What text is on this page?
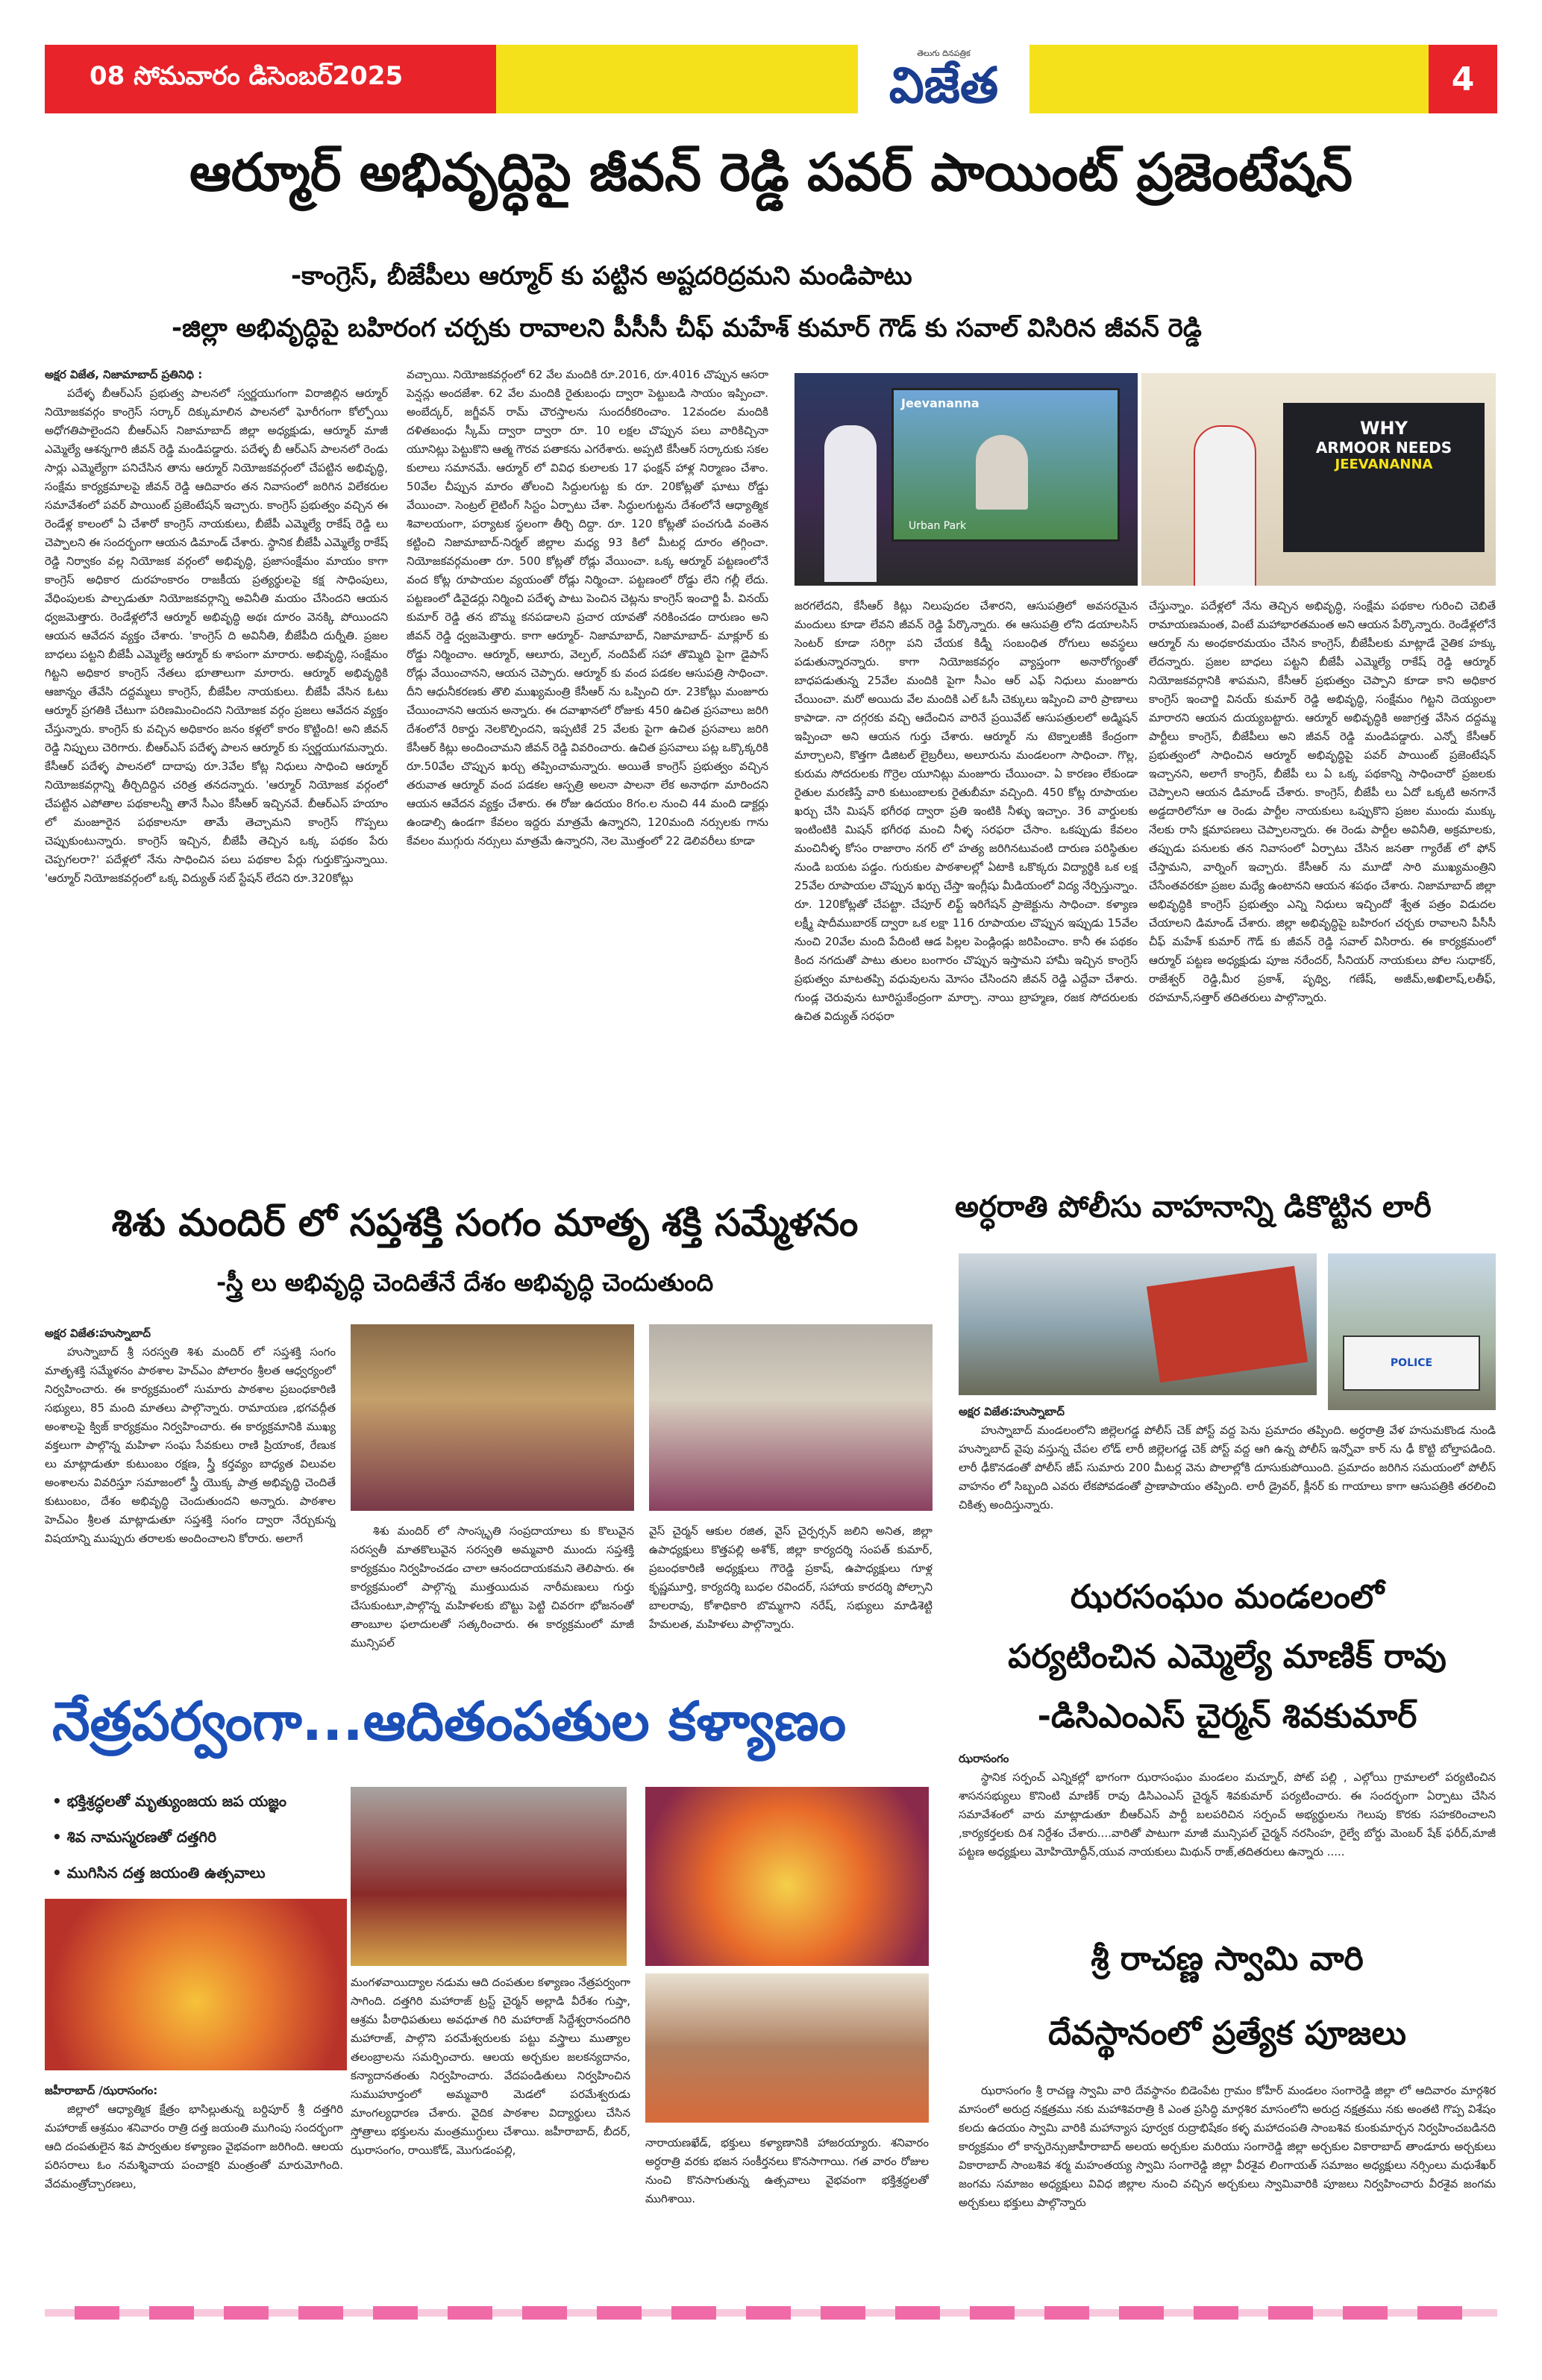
08 సోమవారం డిసెంబర్2025
తెలుగు దినపత్రిక
విజేత	4
ఆర్మూర్ అభివృద్ధిపై జీవన్ రెడ్డి పవర్ పాయింట్ ప్రజెంటేషన్
-కాంగ్రెస్, బీజేపీలు ఆర్మూర్ కు పట్టిన అష్టదరిద్రమని మండిపాటు
-జిల్లా అభివృద్ధిపై బహిరంగ చర్చకు రావాలని పీసీసీ చీఫ్ మహేశ్ కుమార్ గౌడ్ కు సవాల్ విసిరిన జీవన్ రెడ్డి
అక్షర విజేత, నిజామాబాద్ ప్రతినిధి :

పదేళ్ళ బీఆర్ఎస్ ప్రభుత్వ పాలనలో స్వర్ణయుగంగా విరాజిల్లిన ఆర్మూర్ నియోజకవర్గం కాంగ్రెస్ సర్కార్ దిక్కుమాలిన పాలనలో ఘోరీగంగా కోల్పోయి అధోగతిపాలైందని బీఆర్ఎస్ నిజామాబాద్ జిల్లా అధ్యక్షుడు, ఆర్మూర్ మాజీ ఎమ్మెల్యే ఆశన్నగారి జీవన్ రెడ్డి మండిపడ్డారు. పదేళ్ళ బీ ఆర్ఎస్ పాలనలో రెండు సార్లు ఎమ్మెల్యేగా పనిచేసిన తాను ఆర్మూర్ నియోజకవర్గంలో చేపట్టిన అభివృద్ధి, సంక్షేమ కార్యక్రమాలపై జీవన్ రెడ్డి ఆదివారం తన నివాసంలో జరిగిన విలేకరుల సమావేశంలో పవర్ పాయింట్ ప్రజెంటేషన్ ఇచ్చారు. కాంగ్రెస్ ప్రభుత్వం వచ్చిన ఈ రెండేళ్ల కాలంలో ఏ చేశారో కాంగ్రెస్ నాయకులు, బీజేపీ ఎమ్మెల్యే రాకేష్ రెడ్డి లు చెప్పాలని ఈ సందర్భంగా ఆయన డిమాండ్ చేశారు. స్థానిక బీజేపీ ఎమ్మెల్యే రాకేష్ రెడ్డి నిర్వాకం వల్ల నియోజక వర్గంలో అభివృద్ధి, ప్రజాసంక్షేమం మాయం కాగా కాంగ్రెస్ అధికార దురహంకారం రాజకీయ ప్రత్యర్థులపై కక్ష సాధింపులు, వేధింపులకు పాల్పడుతూ నియోజకవర్గాన్ని అవినీతి మయం చేసిందని ఆయన ధ్వజమెత్తారు. రెండేళ్లలోనే ఆర్మూర్ అభివృద్ధి అథః దూరం వెనక్కి పోయిందని ఆయన ఆవేదన వ్యక్తం చేశారు. 'కాంగ్రెస్ ది అవినీతి, బీజేపీది దుర్నీతి. ప్రజల బాధలు పట్టని బీజేపీ ఎమ్మెల్యే ఆర్మూర్ కు శాపంగా మారారు. అభివృద్ధి, సంక్షేమం గిట్టని అధికార కాంగ్రెస్ నేతలు భూతాలుగా మారారు. ఆర్మూర్ అభివృద్ధికి ఆజాన్నం తేవేసి దద్దమ్మలు కాంగ్రెస్, బీజేపీల నాయకులు. బీజేపీ వేసిన ఓటు ఆర్మూర్ ప్రగతికి చేటుగా పరిణమించిందని నియోజక వర్గం ప్రజలు ఆవేదన వ్యక్తం చేస్తున్నారు. కాంగ్రెస్ కు వచ్చిన అధికారం జనం కళ్లలో కారం కొట్టింది! అని జీవన్ రెడ్డి నిప్పులు చెరిగారు. బీఆర్ఎస్ పదేళ్ళ పాలన ఆర్మూర్ కు స్వర్ణయుగమన్నారు. కేసీఆర్ పదేళ్ళ పాలనలో దాదాపు రూ.3వేల కోట్ల నిధులు సాధించి ఆర్మూర్ నియోజకవర్గాన్ని తీర్చిదిద్దిన చరిత్ర తనదన్నారు. 'ఆర్మూర్ నియోజక వర్గంలో చేపట్టిన ఎపోతాల పథకాలన్నీ తానే సీఎం కేసీఆర్ ఇచ్చినవే. బీఆర్ఎస్ హయాం లో మంజూరైన పథకాలనూ తామే తెచ్చామని కాంగ్రెస్ గొప్పలు చెప్పుకుంటున్నారు. కాంగ్రెస్ ఇచ్చిన, బీజేపీ తెచ్చిన ఒక్క పథకం పేరు చెప్పగలరా?' పదేళ్లలో నేను సాధించిన పలు పథకాల పేర్లు గుర్తుకొస్తున్నాయి. 'ఆర్మూర్ నియోజకవర్గంలో ఒక్క విద్యుత్ సబ్ స్టేషన్ లేదని రూ.320కోట్లు

వచ్చాయి. నియోజకవర్గంలో 62 వేల మందికి రూ.2016, రూ.4016 చొప్పున ఆసరా పెన్షన్లు అందజేశా. 62 వేల మందికి రైతుబంధు ద్వారా పెట్టుబడి సాయం ఇప్పించా. అంబేద్కర్, జగ్జీవన్ రామ్ చౌరస్తాలను సుందరీకరించాం. 12వందల మందికి దళితబంధు స్కీమ్ ద్వారా ద్వారా రూ. 10 లక్షల చొప్పున పలు వారికిచ్చినా యూనిట్లు పెట్టుకొని ఆత్మ గౌరవ పతాకను ఎగరేశారు. అప్పటి కేసీఆర్ సర్కారుకు సకల కులాలు సమానమే. ఆర్మూర్ లో వివిధ కులాలకు 17 ఫంక్షన్ హాళ్ల నిర్మాణం చేశాం. 50వేల చీప్పున మారం తోలంచి సిద్దులగుట్ట కు రూ. 20కోట్లతో ఘాటు రోడ్డు వేయించా. సెంట్రల్ లైటింగ్ సిస్టం ఏర్పాటు చేశా. సిద్ధులగుట్టను దేశంలోనే ఆధ్యాత్మిక శివాలయంగా, పర్యాటక స్థలంగా తీర్చి దిద్దా. రూ. 120 కోట్లతో పంచగుడి వంతెన కట్టించి నిజామాబాద్-నిర్మల్ జిల్లాల మధ్య 93 కిలో మీటర్ల దూరం తగ్గించా. నియోజకవర్గమంతా రూ. 500 కోట్లతో రోడ్లు వేయించా. ఒక్క ఆర్మూర్ పట్టణంలోనే వంద కోట్ల రూపాయల వ్యయంతో రోడ్లు నిర్మించా. పట్టణంలో రోడ్డు లేని గల్లీ లేదు. పట్టణంలో డివైడర్లు నిర్మించి పదేళ్ళ పాటు పెంచిన చెట్లను కాంగ్రెస్ ఇంచార్జి పీ. వినయ్ కుమార్ రెడ్డి తన బొమ్మ కనపడాలని ప్రచార యావతో నరికించడం దారుణం అని జీవన్ రెడ్డి ధ్వజమెత్తారు. కాగా ఆర్మూర్- నిజామాబాద్, నిజామాబాద్- మాక్లూర్ కు రోడ్డు నిర్మించాం. ఆర్మూర్, ఆలూరు, వెల్పల్, నందిపేట్ సహా తొమ్మిది పైగా డైపాస్ రోడ్లు వేయించానని, ఆయన చెప్పారు. ఆర్మూర్ కు వంద పడకల ఆసుపత్రి సాధించా. దీని ఆధునీకరణకు తొలి ముఖ్యమంత్రి కేసీఆర్ ను ఒప్పించి రూ. 23కోట్లు మంజూరు చేయించానని ఆయన అన్నారు. ఈ దవాఖానలో రోజుకు 450 ఉచిత ప్రసవాలు జరిగి దేశంలోనే రికార్డు నెలకొల్పిందని, ఇప్పటికే 25 వేలకు పైగా ఉచిత ప్రసవాలు జరిగి కేసీఆర్ కిట్లు అందించామని జీవన్ రెడ్డి వివరించారు. ఉచిత ప్రసవాలు పట్ల ఒక్కొక్కరికి రూ.50వేల చొప్పున ఖర్చు తప్పించామన్నారు. అయితే కాంగ్రెస్ ప్రభుత్వం వచ్చిన తరువాత ఆర్మూర్ వంద పడకల ఆస్పత్రి అలనా పాలనా లేక అనాథగా మారిందని ఆయన ఆవేదన వ్యక్తం చేశారు. ఈ రోజు ఉదయం 8గం.ల నుంచి 44 మంది డాక్టర్లు ఉండాల్సి ఉండగా కేవలం ఇద్దరు మాత్రమే ఉన్నారని, 120మంది నర్సులకు గాను కేవలం ముగ్గురు నర్సులు మాత్రమే ఉన్నారని, నెల మొత్తంలో 22 డెలివరీలు కూడా

Jeevananna
Urban Park
WHY
ARMOOR NEEDS
JEEVANANNA

జరగలేదని, కేసీఆర్ కిట్లు నిలుపుదల చేశారని, ఆసుపత్రిలో అవసరమైన మందులు కూడా లేవని జీవన్ రెడ్డి పేర్కొన్నారు. ఈ ఆసుపత్రి లోని డయాలసిస్ సెంటర్ కూడా సరిగ్గా పని చేయక కిడ్నీ సంబంధిత రోగులు అవస్థలు పడుతున్నారన్నారు. కాగా నియోజకవర్గం వ్యాప్తంగా అనారోగ్యంతో బాధపడుతున్న 25వేల మందికి పైగా సీఎం ఆర్ ఎఫ్ నిధులు మంజూరు చేయించా. మరో అయిదు వేల మందికి ఎల్ ఓసీ చెక్కులు ఇప్పించి వారి ప్రాణాలు కాపాడా. నా దగ్గరకు వచ్చి ఆదేంచిన వారినే ప్రయివేట్ ఆసుపత్రులలో అడ్మిషన్ ఇప్పించా అని ఆయన గుర్తు చేశారు. ఆర్మూర్ ను టెక్నాలజీకి కేంద్రంగా మార్చాలని, కొత్తగా డిజిటల్ లైబ్రరీలు, అలూరును మండలంగా సాధించా. గొల్ల, కురుమ సోదరులకు గొర్రెల యూనిట్లు మంజూరు చేయించా. ఏ కారణం లేకుండా రైతుల మరణిస్తే వారి కుటుంబాలకు రైతుబీమా వచ్చింది. 450 కోట్ల రూపాయల ఖర్చు చేసి మిషన్ భగీరథ ద్వారా ప్రతి ఇంటికి నీళ్ళు ఇచ్చాం. 36 వార్డులకు ఇంటింటికి మిషన్ భగీరథ మంచి నీళ్ళ సరఫరా చేసాం. ఒకప్పుడు కేవలం మంచినీళ్ళ కోసం రాజారాం నగర్ లో హత్య జరిగినటువంటి దారుణ పరిస్థితుల నుండి బయట పడ్డం. గురుకుల పాఠశాలల్లో ఏటాకి ఒకొక్కరు విద్యార్థికి ఒక లక్ష 25వేల రూపాయల చొప్పున ఖర్చు చేస్తా ఇంగ్లీషు మీడియంలో విద్య నేర్పిస్తున్నాం. రూ. 120కోట్లతో చేపట్టా. చేపూర్ లిఫ్ట్ ఇరిగేషన్ ప్రాజెక్టును సాధించా. కళ్యాణ లక్ష్మీ షాదీముబారక్ ద్వారా ఒక లక్షా 116 రూపాయల చొప్పున ఇప్పుడు 15వేల నుంచి 20వేల మంది పేదింటి ఆడ పిల్లల పెండ్లిండ్లు జరిపించాం. కానీ ఈ పథకం కింద నగదుతో పాటు తులం బంగారం చొప్పున ఇస్తామని హామీ ఇచ్చిన కాంగ్రెస్ ప్రభుత్వం మాటతప్పి వధువులను మోసం చేసిందని జీవన్ రెడ్డి ఎద్దేవా చేశారు. గుండ్ల చెరువును టూరిస్టుకేంద్రంగా మార్చా. నాయి బ్రాహ్మణ, రజక సోదరులకు ఉచిత విద్యుత్ సరఫరా

చేస్తున్నాం. పదేళ్లలో నేను తెచ్చిన అభివృద్ధి, సంక్షేమ పథకాల గురించి చెబితే రామాయణమంత, వింటే మహాభారతమంత అని ఆయన పేర్కొన్నారు. రెండేళ్లలోనే ఆర్మూర్ ను అంధకారమయం చేసిన కాంగ్రెస్, బీజేపీలకు మాట్లాడే నైతిక హక్కు లేదన్నారు. ప్రజల బాధలు పట్టని బీజేపీ ఎమ్మెల్యే రాకేష్ రెడ్డి ఆర్మూర్ నియోజకవర్గానికి శాపమని, కేసీఆర్ ప్రభుత్వం చెప్పాని కూడా కాని అధికార కాంగ్రెస్ ఇంచార్జి వినయ్ కుమార్ రెడ్డి అభివృద్ధి, సంక్షేమం గిట్టని దెయ్యంలా మారారని ఆయన దుయ్యబట్టారు. ఆర్మూర్ అభివృద్ధికి అజాగ్రత్త వేసిన దద్దమ్మ పార్టీలు కాంగ్రెస్, బీజేపీలు అని జీవన్ రెడ్డి మండిపడ్డారు. ఎన్నో కేసీఆర్ ప్రభుత్వంలో సాధించిన ఆర్మూర్ అభివృద్ధిపై పవర్ పాయింట్ ప్రజెంటేషన్ ఇచ్చానని, అలాగే కాంగ్రెస్, బీజేపీ లు ఏ ఒక్క పథకాన్ని సాధించారో ప్రజలకు చెప్పాలని ఆయన డిమాండ్ చేశారు. కాంగ్రెస్, బీజేపీ లు ఏదో ఒక్కటి అనగానే అడ్డదారిలోనూ ఆ రెండు పార్టీల నాయకులు ఒప్పుకొని ప్రజల ముందు ముక్కు నేలకు రాసి క్షమాపణలు చెప్పాలన్నారు. ఈ రెండు పార్టీల అవినీతి, అక్రమాలకు, తప్పుడు పనులకు తన నివాసంలో ఏర్పాటు చేసిన జనతా గ్యారేజ్ లో ఫోన్ చేస్తామని, వార్నింగ్ ఇచ్చారు. కేసీఆర్ ను మూడో సారి ముఖ్యమంత్రిని చేసేంతవరకూ ప్రజల మధ్యే ఉంటానని ఆయన శపథం చేశారు. నిజామాబాద్ జిల్లా అభివృద్ధికి కాంగ్రెస్ ప్రభుత్వం ఎన్ని నిధులు ఇచ్చిందో శ్వేత పత్రం విడుదల చేయాలని డిమాండ్ చేశారు. జిల్లా అభివృద్ధిపై బహిరంగ చర్చకు రావాలని పీసీసీ చీఫ్ మహేశ్ కుమార్ గౌడ్ కు జీవన్ రెడ్డి సవాల్ విసిరారు. ఈ కార్యక్రమంలో ఆర్మూర్ పట్టణ అధ్యక్షుడు పూజ నరేందర్, సీనియర్ నాయకులు పోల సుధాకర్, రాజేశ్వర్ రెడ్డి,మీర ప్రకాశ్, పృథ్వి, గణేష్, అజీమ్,అఖిలాష్,లతీఫ్, రహమాన్,సత్తార్ తదితరులు పాల్గొన్నారు.

శిశు మందిర్ లో సప్తశక్తి సంగం మాతృ శక్తి సమ్మేళనం
-స్త్రీ లు అభివృద్ధి చెందితేనే దేశం అభివృద్ధి చెందుతుంది
అక్షర విజేత:హుస్నాబాద్

హుస్నాబాద్ శ్రీ సరస్వతి శిశు మందిర్ లో సప్తశక్తి సంగం మాతృశక్తి సమ్మేళనం పాఠశాల హెచ్ఎం పోలారం శ్రీలత ఆధ్వర్యంలో నిర్వహించారు. ఈ కార్యక్రమంలో సుమారు పాఠశాల ప్రబంధకారిణి సభ్యులు, 85 మంది మాతలు పాల్గొన్నారు. రామాయణ ,భగవద్గీత అంశాలపై క్విజ్ కార్యక్రమం నిర్వహించారు. ఈ కార్యక్రమానికి ముఖ్య వక్తలుగా పాల్గొన్న మహిళా సంఘ సేవకులు రాణి ప్రియాంక, రేణుక లు మాట్లాడుతూ కుటుంబం రక్షణ, స్త్రీ కర్తవ్యం బాధ్యత విలువల అంశాలను వివరిస్తూ సమాజంలో స్త్రీ యొక్క పాత్ర అభివృద్ధి చెందితే కుటుంబం, దేశం అభివృద్ధి చెందుతుందని అన్నారు. పాఠశాల హెచ్ఎం శ్రీలత మాట్లాడుతూ సప్తశక్తి సంగం ద్వారా నేర్చుకున్న విషయాన్ని ముప్పురు తరాలకు అందించాలని కోరారు. అలాగే

శిశు మందిర్ లో సాంస్కృతి సంప్రదాయాలు కు కొలువైన సరస్వతీ మాతకొలువైన సరస్వతి అమ్మవారి ముందు సప్తశక్తి కార్యక్రమం నిర్వహించడం చాలా ఆనందదాయకమని తెలిపారు. ఈ కార్యక్రమంలో పాల్గొన్న ముత్తయిదువ నారీమణులు గుర్తు చేసుకుంటూ,పాల్గొన్న మహిళలకు బొట్టు పెట్టి చివరగా భోజనంతో తాంబూల ఫలాదులతో సత్కరించారు. ఈ కార్యక్రమంలో మాజీ మున్సిపల్

వైస్ చైర్మన్ ఆకుల రజిత, వైస్ చైర్పర్సన్ జలిని అనిత, జిల్లా ఉపాధ్యక్షులు కొత్తపల్లి అశోక్, జిల్లా కార్యదర్శి సంపత్ కుమార్, ప్రబంధకారిణి అధ్యక్షులు గౌరెడ్డి ప్రకాష్, ఉపాధ్యక్షులు గూళ్ల కృష్ణమూర్తి, కార్యదర్శి బుధల రవిందర్, సహాయ కారదర్శి పోల్సాని బాలరావు, కోశాధికారి బొమ్మగాని నరేష్, సభ్యులు మాడిశెట్టి హేమలత, మహిళలు పాల్గొన్నారు.

అర్ధరాతి పోలీసు వాహనాన్ని డికొట్టిన లారీ
POLICE
అక్షర విజేత:హుస్నాబాద్

హుస్నాబాద్ మండలంలోని జిల్లెలగడ్డ పోలీస్ చెక్ పోస్ట్ వద్ద పెను ప్రమాదం తప్పింది. అర్ధరాత్రి వేళ హనుమకొండ నుండి హుస్నాబాద్ వైపు వస్తున్న చేపల లోడ్ లారీ జిల్లెలగడ్డ చెక్ పోస్ట్ వద్ద ఆగి ఉన్న పోలీస్ ఇన్నోవా కార్ ను ఢీ కొట్టి బోల్తాపడింది. లారీ ఢీకొనడంతో పోలీస్ జీప్ సుమారు 200 మీటర్ల వెను పొలాల్లోకి దూసుకుపోయింది. ప్రమాదం జరిగిన సమయంలో పోలీస్ వాహనం లో సిబ్బంది ఎవరు లేకపోవడంతో ప్రాణాపాయం తప్పింది. లారీ డ్రైవర్, క్లీనర్ కు గాయాలు కాగా ఆసుపత్రికి తరలించి చికిత్స అందిస్తున్నారు.

ఝరసంఘం మండలంలో
పర్యటించిన ఎమ్మెల్యే మాణిక్ రావు
-డిసిఎంఎస్ చైర్మన్ శివకుమార్
ఝరాసంగం

స్థానిక సర్పంచ్ ఎన్నికల్లో భాగంగా ఝరాసంఘం మండలం మచ్నూర్, పోట్ పల్లి , ఎల్గోయి గ్రామాలలో పర్యటించిన శాసనసభ్యులు కొనింటి మాణిక్ రావు డిసిఎంఎస్ చైర్మన్ శివకుమార్ పర్యటించారు. ఈ సందర్భంగా ఏర్పాటు చేసిన సమావేశంలో వారు మాట్లాడుతూ బీఆర్ఎస్ పార్టీ బలపరిచిన సర్పంచ్ అభ్యర్థులను గెలుపు కొరకు సహకరించాలని ,కార్యకర్తలకు దిశ నిర్దేశం చేశారు....వారితో పాటుగా మాజీ మున్సిపల్ చైర్మన్ నరసింహ, రైల్వే బోర్డు మెంబర్ షేక్ ఫరీద్,మాజీ పట్టణ అధ్యక్షులు మోహియోద్దీన్,యువ నాయకులు మిథున్ రాజ్,తదితరులు ఉన్నారు .....

శ్రీ రాచణ్ణ స్వామి వారి
దేవస్థానంలో ప్రత్యేక పూజలు

ఝరాసంగం శ్రీ రాచణ్ణ స్వామి వారి దేవస్థానం బిడెంపేట గ్రామం కోహీర్ మండలం సంగారెడ్డి జిల్లా లో ఆదివారం మార్గశిర మాసంలో అరుద్ర నక్షత్రము నకు మహాశివరాత్రి కి ఎంత ప్రసిద్ధి మార్గశిర మాసంలోని అరుద్ర నక్షత్రము నకు అంతటి గొప్ప విశేషం కలదు ఉదయం స్వామి వారికి మహాన్యాస పూర్వక రుద్రాభిషేకం కళ్ళ మహాదంపతి సాంబశివ కుంకుమార్చన నిర్వహించబడినది కార్యక్రమం లో కాన్ఫరెన్సుజాహీరాబాద్ అలయ అర్చకుల మరియు సంగారెడ్డి జిల్లా అర్చకుల వికారాబాద్ తాండూరు అర్చకులు వికారాబాద్ సాంబశివ శర్మ మహంతయ్య స్వామి సంగారెడ్డి జిల్లా వీరశైవ లింగాయత్ సమాజం అధ్యక్షులు నర్సింలు మధుశేఖర్ జంగమ సమాజం అధ్యక్షులు వివిధ జిల్లాల నుంచి వచ్చిన అర్చకులు స్వామివారికి పూజలు నిర్వహించారు వీరశైవ జంగమ అర్చకులు భక్తులు పాల్గొన్నారు

నేత్రపర్వంగా...ఆదితంపతుల కళ్యాణం
• భక్తిశ్రద్ధలతో మృత్యుంజయ జప యజ్ఞం
• శివ నామస్మరణతో దత్తగిరి
• ముగిసిన దత్త జయంతి ఉత్సవాలు
జహీరాబాద్ /ఝరాసంగం:

జిల్లాలో ఆధ్యాత్మిక క్షేత్రం భాసిల్లుతున్న బర్దిపూర్ శ్రీ దత్తగిరి మహారాజ్ ఆశ్రమం శనివారం రాత్రి దత్త జయంతి ముగింపు సందర్భంగా ఆది దంపతులైన శివ పార్వతుల కళ్యాణం వైభవంగా జరిగింది. ఆలయ పరిసరాలు ఓం నమశ్శివాయ పంచాక్షరి మంత్రంతో మారుమోగింది. వేదమంత్రోచ్చారణలు,

మంగళవాయిద్యాల నడుమ ఆది దంపతుల కళ్యాణం నేత్రపర్వంగా సాగింది. దత్తగిరి మహారాజ్ ట్రస్ట్ చైర్మన్ అల్లాడి వీరేశం గుప్తా, ఆశ్రమ పీఠాధిపతులు అవధూత గిరి మహారాజ్ సిద్దేశ్వరానందగిరి మహారాజ్, పాల్గొని పరమేశ్వరులకు పట్టు వస్త్రాలు ముత్యాల తలంబ్రాలను సమర్పించారు. ఆలయ అర్చకుల జలకన్యదానం, కన్యాదానతంతు నిర్వహించారు. వేదపండితులు నిర్వహించిన సుముహూర్తంలో అమ్మవారి మెడలో పరమేశ్వరుడు మాంగల్యధారణ చేశారు. వైదిక పాఠశాల విద్యార్థులు చేసిన స్తోత్రాలు భక్తులను మంత్రముగ్ధులు చేశాయి. జహీరాబాద్, బీదర్, ఝరాసంగం, రాయికోడ్, మొగుడంపల్లి,

నారాయణఖేడ్, భక్తులు కళ్యాణానికి హాజరయ్యారు. శనివారం అర్ధరాత్రి వరకు భజన సంకీర్తనలు కొనసాగాయి. గత వారం రోజుల నుంచి కొనసాగుతున్న ఉత్సవాలు వైభవంగా భక్తిశ్రద్ధలతో ముగిశాయి.
